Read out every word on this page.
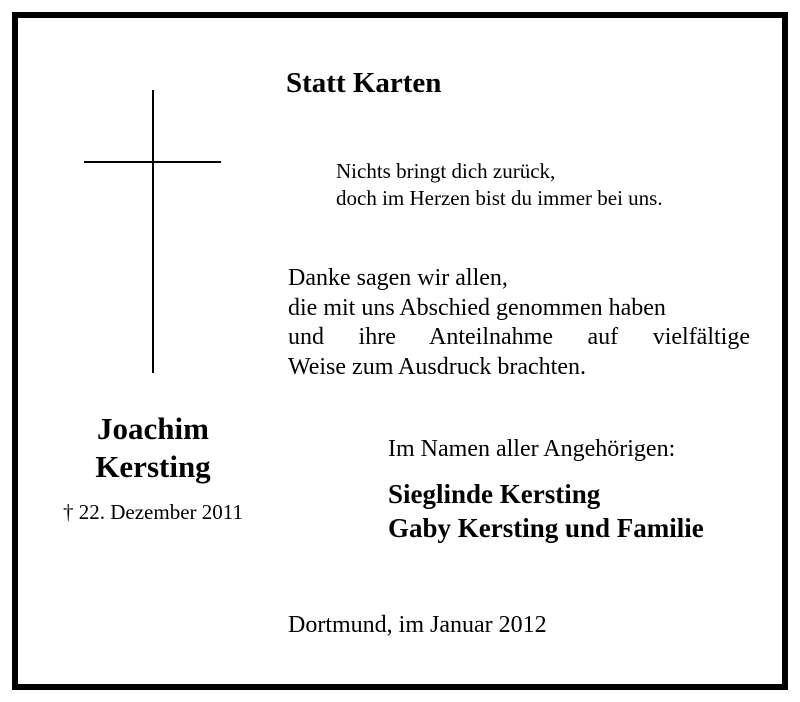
Statt Karten
Nichts bringt dich zurück,
doch im Herzen bist du immer bei uns.
Danke sagen wir allen,
die mit uns Abschied genommen haben
und ihre Anteilnahme auf vielfältige
Weise zum Ausdruck brachten.
Joachim
Kersting
† 22. Dezember 2011
Im Namen aller Angehörigen:
Sieglinde Kersting
Gaby Kersting und Familie
Dortmund, im Januar 2012
